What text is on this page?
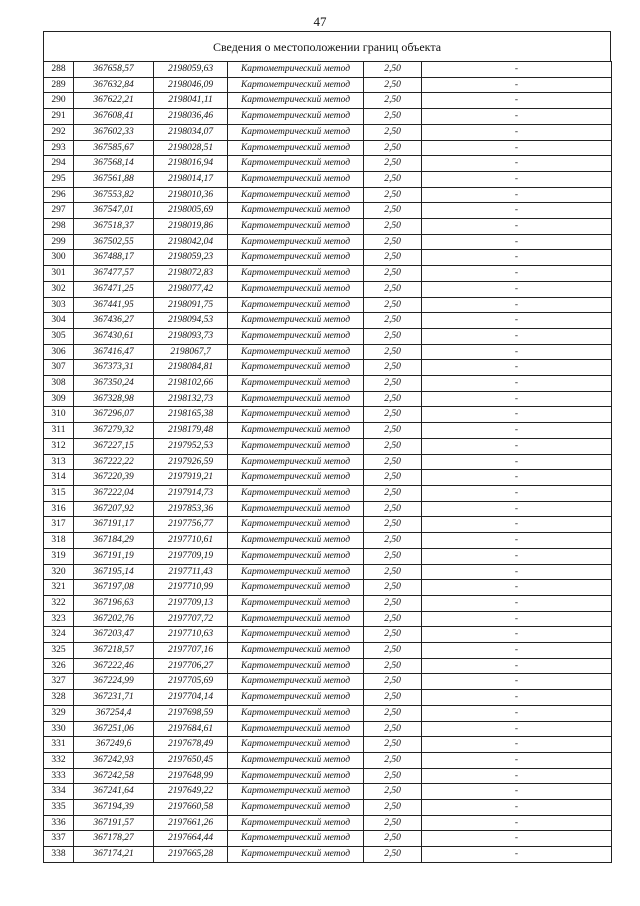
47
Сведения о местоположении границ объекта
288	367658,57	2198059,63	Картометрический метод	2,50	-
289	367632,84	2198046,09	Картометрический метод	2,50	-
290	367622,21	2198041,11	Картометрический метод	2,50	-
291	367608,41	2198036,46	Картометрический метод	2,50	-
292	367602,33	2198034,07	Картометрический метод	2,50	-
293	367585,67	2198028,51	Картометрический метод	2,50	-
294	367568,14	2198016,94	Картометрический метод	2,50	-
295	367561,88	2198014,17	Картометрический метод	2,50	-
296	367553,82	2198010,36	Картометрический метод	2,50	-
297	367547,01	2198005,69	Картометрический метод	2,50	-
298	367518,37	2198019,86	Картометрический метод	2,50	-
299	367502,55	2198042,04	Картометрический метод	2,50	-
300	367488,17	2198059,23	Картометрический метод	2,50	-
301	367477,57	2198072,83	Картометрический метод	2,50	-
302	367471,25	2198077,42	Картометрический метод	2,50	-
303	367441,95	2198091,75	Картометрический метод	2,50	-
304	367436,27	2198094,53	Картометрический метод	2,50	-
305	367430,61	2198093,73	Картометрический метод	2,50	-
306	367416,47	2198067,7	Картометрический метод	2,50	-
307	367373,31	2198084,81	Картометрический метод	2,50	-
308	367350,24	2198102,66	Картометрический метод	2,50	-
309	367328,98	2198132,73	Картометрический метод	2,50	-
310	367296,07	2198165,38	Картометрический метод	2,50	-
311	367279,32	2198179,48	Картометрический метод	2,50	-
312	367227,15	2197952,53	Картометрический метод	2,50	-
313	367222,22	2197926,59	Картометрический метод	2,50	-
314	367220,39	2197919,21	Картометрический метод	2,50	-
315	367222,04	2197914,73	Картометрический метод	2,50	-
316	367207,92	2197853,36	Картометрический метод	2,50	-
317	367191,17	2197756,77	Картометрический метод	2,50	-
318	367184,29	2197710,61	Картометрический метод	2,50	-
319	367191,19	2197709,19	Картометрический метод	2,50	-
320	367195,14	2197711,43	Картометрический метод	2,50	-
321	367197,08	2197710,99	Картометрический метод	2,50	-
322	367196,63	2197709,13	Картометрический метод	2,50	-
323	367202,76	2197707,72	Картометрический метод	2,50	-
324	367203,47	2197710,63	Картометрический метод	2,50	-
325	367218,57	2197707,16	Картометрический метод	2,50	-
326	367222,46	2197706,27	Картометрический метод	2,50	-
327	367224,99	2197705,69	Картометрический метод	2,50	-
328	367231,71	2197704,14	Картометрический метод	2,50	-
329	367254,4	2197698,59	Картометрический метод	2,50	-
330	367251,06	2197684,61	Картометрический метод	2,50	-
331	367249,6	2197678,49	Картометрический метод	2,50	-
332	367242,93	2197650,45	Картометрический метод	2,50	-
333	367242,58	2197648,99	Картометрический метод	2,50	-
334	367241,64	2197649,22	Картометрический метод	2,50	-
335	367194,39	2197660,58	Картометрический метод	2,50	-
336	367191,57	2197661,26	Картометрический метод	2,50	-
337	367178,27	2197664,44	Картометрический метод	2,50	-
338	367174,21	2197665,28	Картометрический метод	2,50	-
